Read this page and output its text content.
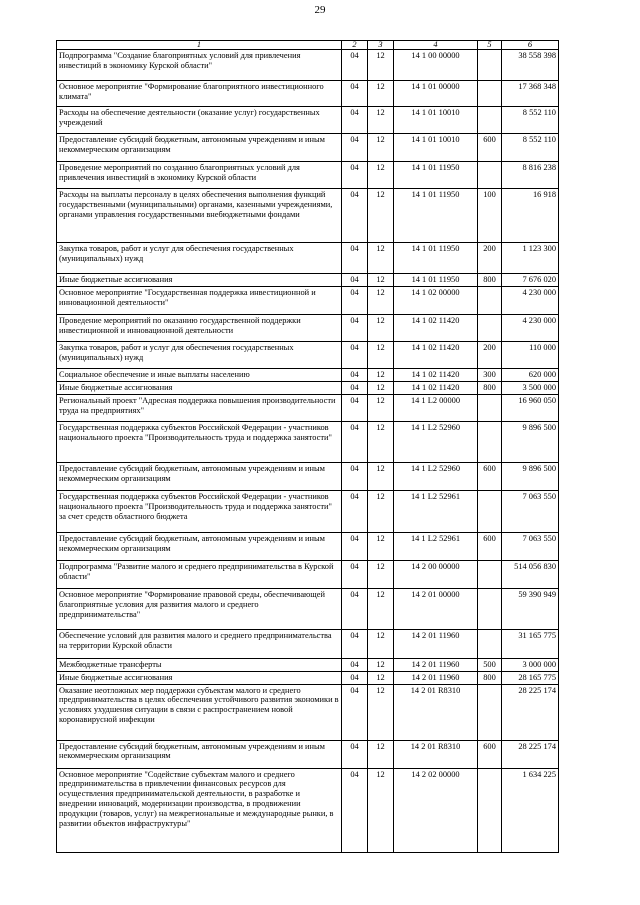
29
1	2	3	4	5	6
Подпрограмма "Создание благоприятных условий для привлечения инвестиций в экономику Курской области"	04	12	14 1 00 00000		38 558 398
Основное мероприятие "Формирование благоприятного инвестиционного климата"	04	12	14 1 01 00000		17 368 348
Расходы на обеспечение деятельности (оказание услуг) государственных учреждений	04	12	14 1 01 10010		8 552 110
Предоставление субсидий бюджетным, автономным учреждениям и иным некоммерческим организациям	04	12	14 1 01 10010	600	8 552 110
Проведение мероприятий по созданию благоприятных условий для привлечения инвестиций в экономику Курской области	04	12	14 1 01 11950		8 816 238
Расходы на выплаты персоналу в целях обеспечения выполнения функций государственными (муниципальными) органами, казенными учреждениями, органами управления государственными внебюджетными фондами	04	12	14 1 01 11950	100	16 918
Закупка товаров, работ и услуг для обеспечения государственных (муниципальных) нужд	04	12	14 1 01 11950	200	1 123 300
Иные бюджетные ассигнования	04	12	14 1 01 11950	800	7 676 020
Основное мероприятие "Государственная поддержка инвестиционной и инновационной деятельности"	04	12	14 1 02 00000		4 230 000
Проведение мероприятий по оказанию государственной поддержки инвестиционной и инновационной деятельности	04	12	14 1 02 11420		4 230 000
Закупка товаров, работ и услуг для обеспечения государственных (муниципальных) нужд	04	12	14 1 02 11420	200	110 000
Социальное обеспечение и иные выплаты населению	04	12	14 1 02 11420	300	620 000
Иные бюджетные ассигнования	04	12	14 1 02 11420	800	3 500 000
Региональный проект "Адресная поддержка повышения производительности труда на предприятиях"	04	12	14 1 L2 00000		16 960 050
Государственная поддержка субъектов Российской Федерации - участников национального проекта "Производительность труда и поддержка занятости"	04	12	14 1 L2 52960		9 896 500
Предоставление субсидий бюджетным, автономным учреждениям и иным некоммерческим организациям	04	12	14 1 L2 52960	600	9 896 500
Государственная поддержка субъектов Российской Федерации - участников национального проекта "Производительность труда и поддержка занятости" за счет средств областного бюджета	04	12	14 1 L2 52961		7 063 550
Предоставление субсидий бюджетным, автономным учреждениям и иным некоммерческим организациям	04	12	14 1 L2 52961	600	7 063 550
Подпрограмма "Развитие малого и среднего предпринимательства в Курской области"	04	12	14 2 00 00000		514 056 830
Основное мероприятие "Формирование правовой среды, обеспечивающей благоприятные условия для развития малого и среднего предпринимательства"	04	12	14 2 01 00000		59 390 949
Обеспечение условий для развития малого и среднего предпринимательства на территории Курской области	04	12	14 2 01 11960		31 165 775
Межбюджетные трансферты	04	12	14 2 01 11960	500	3 000 000
Иные бюджетные ассигнования	04	12	14 2 01 11960	800	28 165 775
Оказание неотложных мер поддержки субъектам малого и среднего предпринимательства в целях обеспечения устойчивого развития экономики в условиях ухудшения ситуации в связи с распространением новой коронавирусной инфекции	04	12	14 2 01 R8310		28 225 174
Предоставление субсидий бюджетным, автономным учреждениям и иным некоммерческим организациям	04	12	14 2 01 R8310	600	28 225 174
Основное мероприятие "Содействие субъектам малого и среднего предпринимательства в привлечении финансовых ресурсов для осуществления предпринимательской деятельности, в разработке и внедрении инноваций, модернизации производства, в продвижении продукции (товаров, услуг) на межрегиональные и международные рынки, в развитии объектов инфраструктуры"	04	12	14 2 02 00000		1 634 225
